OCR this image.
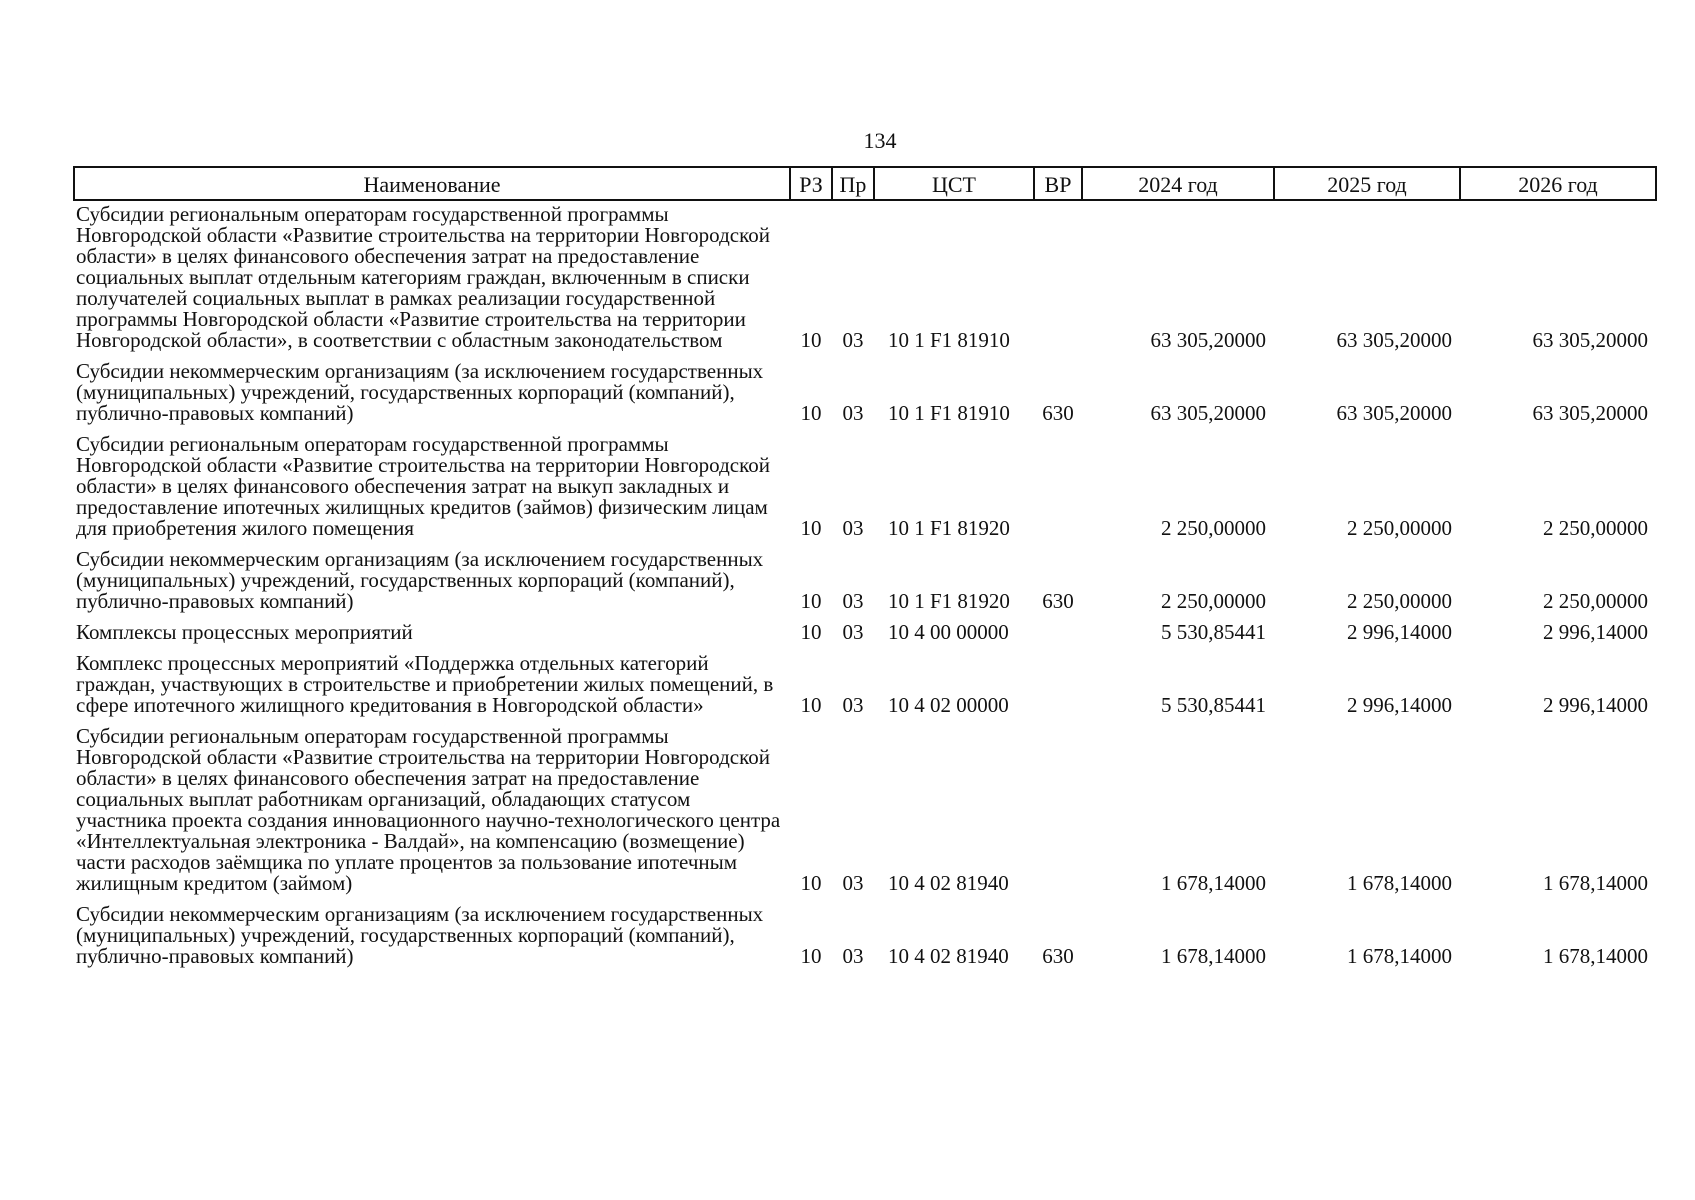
134
Наименование	РЗ	Пр	ЦСТ	ВР	2024 год	2025 год	2026 год

Субсидии региональным операторам государственной программы Новгородской области «Развитие строительства на территории Новгородской области» в целях финансового обеспечения затрат на предоставление социальных выплат отдельным категориям граждан, включенным в списки получателей социальных выплат в рамках реализации государственной программы Новгородской области «Развитие строительства на территории Новгородской области», в соответствии с областным законодательством	10	03	10 1 F1 81910		63 305,20000	63 305,20000	63 305,20000

Субсидии некоммерческим организациям (за исключением государственных (муниципальных) учреждений, государственных корпораций (компаний), публично-правовых компаний)	10	03	10 1 F1 81910	630	63 305,20000	63 305,20000	63 305,20000

Субсидии региональным операторам государственной программы Новгородской области «Развитие строительства на территории Новгородской области» в целях финансового обеспечения затрат на выкуп закладных и предоставление ипотечных жилищных кредитов (займов) физическим лицам для приобретения жилого помещения	10	03	10 1 F1 81920		2 250,00000	2 250,00000	2 250,00000

Субсидии некоммерческим организациям (за исключением государственных (муниципальных) учреждений, государственных корпораций (компаний), публично-правовых компаний)	10	03	10 1 F1 81920	630	2 250,00000	2 250,00000	2 250,00000

Комплексы процессных мероприятий	10	03	10 4 00 00000		5 530,85441	2 996,14000	2 996,14000

Комплекс процессных мероприятий «Поддержка отдельных категорий граждан, участвующих в строительстве и приобретении жилых помещений, в сфере ипотечного жилищного кредитования в Новгородской области»	10	03	10 4 02 00000		5 530,85441	2 996,14000	2 996,14000

Субсидии региональным операторам государственной программы Новгородской области «Развитие строительства на территории Новгородской области» в целях финансового обеспечения затрат на предоставление социальных выплат работникам организаций, обладающих статусом участника проекта создания инновационного научно-технологического центра «Интеллектуальная электроника - Валдай», на компенсацию (возмещение) части расходов заёмщика по уплате процентов за пользование ипотечным жилищным кредитом (займом)	10	03	10 4 02 81940		1 678,14000	1 678,14000	1 678,14000

Субсидии некоммерческим организациям (за исключением государственных (муниципальных) учреждений, государственных корпораций (компаний), публично-правовых компаний)	10	03	10 4 02 81940	630	1 678,14000	1 678,14000	1 678,14000
